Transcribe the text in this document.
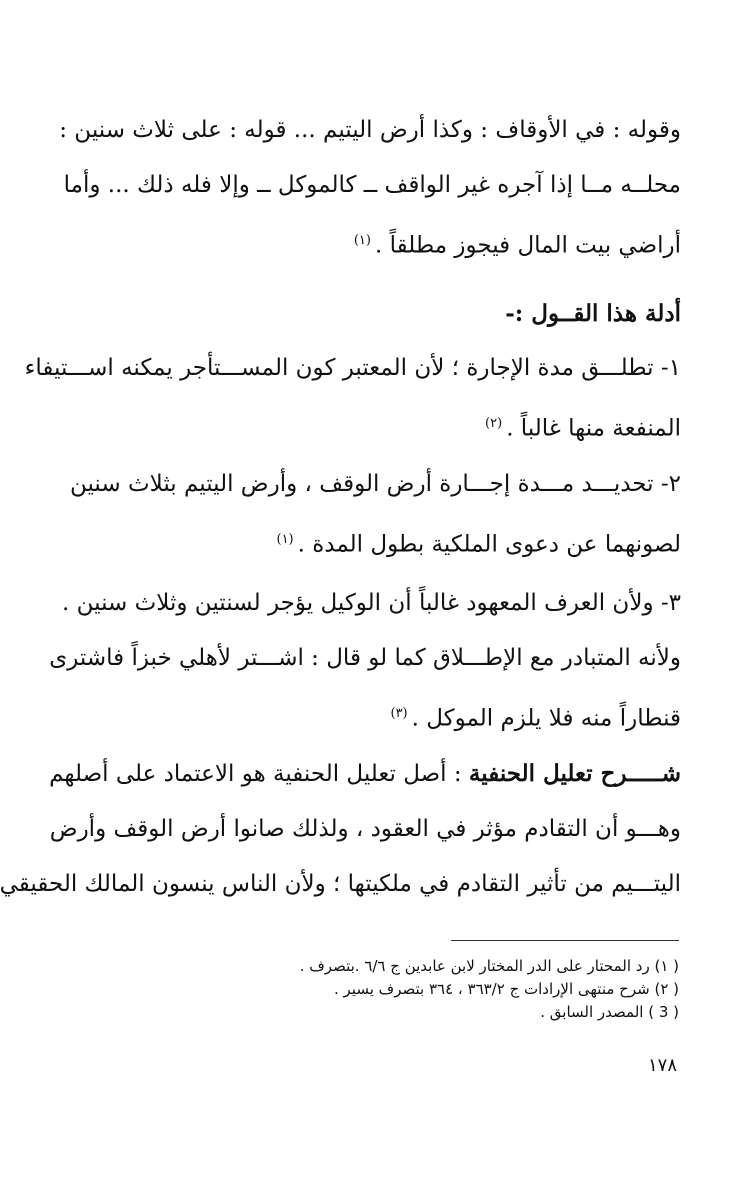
وقوله : في الأوقاف : وكذا أرض اليتيم ... قوله : على ثلاث سنين :
محلــه مــا إذا آجره غير الواقف ــ كالموكل ــ وإلا فله ذلك ... وأما
أراضي بيت المال فيجوز مطلقاً .$^{(١)}$
أدلة هذا القــول :-
١- تطلـــق مدة الإجارة ؛ لأن المعتبر كون المســـتأجر يمكنه اســـتيفاء
المنفعة منها غالباً .$^{(٢)}$
٢- تحديـــد مـــدة إجـــارة أرض الوقف ، وأرض اليتيم بثلاث سنين
لصونهما عن دعوى الملكية بطول المدة .$^{(١)}$
٣- ولأن العرف المعهود غالباً أن الوكيل يؤجر لسنتين وثلاث سنين .
ولأنه المتبادر مع الإطـــلاق كما لو قال : اشـــتر لأهلي خبزاً فاشترى
قنطاراً منه فلا يلزم الموكل .$^{(٣)}$
شـــــرح تعليل الحنفية : أصل تعليل الحنفية هو الاعتماد على أصلهم
وهـــو أن التقادم مؤثر في العقود ، ولذلك صانوا أرض الوقف وأرض
اليتـــيم من تأثير التقادم في ملكيتها ؛ ولأن الناس ينسون المالك الحقيقي
( ١) رد المحتار على الدر المختار لابن عابدين ج ٦/٦ .بتصرف .
( ٢) شرح منتهى الإرادات ج ٣٦٣/٢ ، ٣٦٤ بتصرف يسير .
( 3 ) المصدر السابق .
١٧٨
